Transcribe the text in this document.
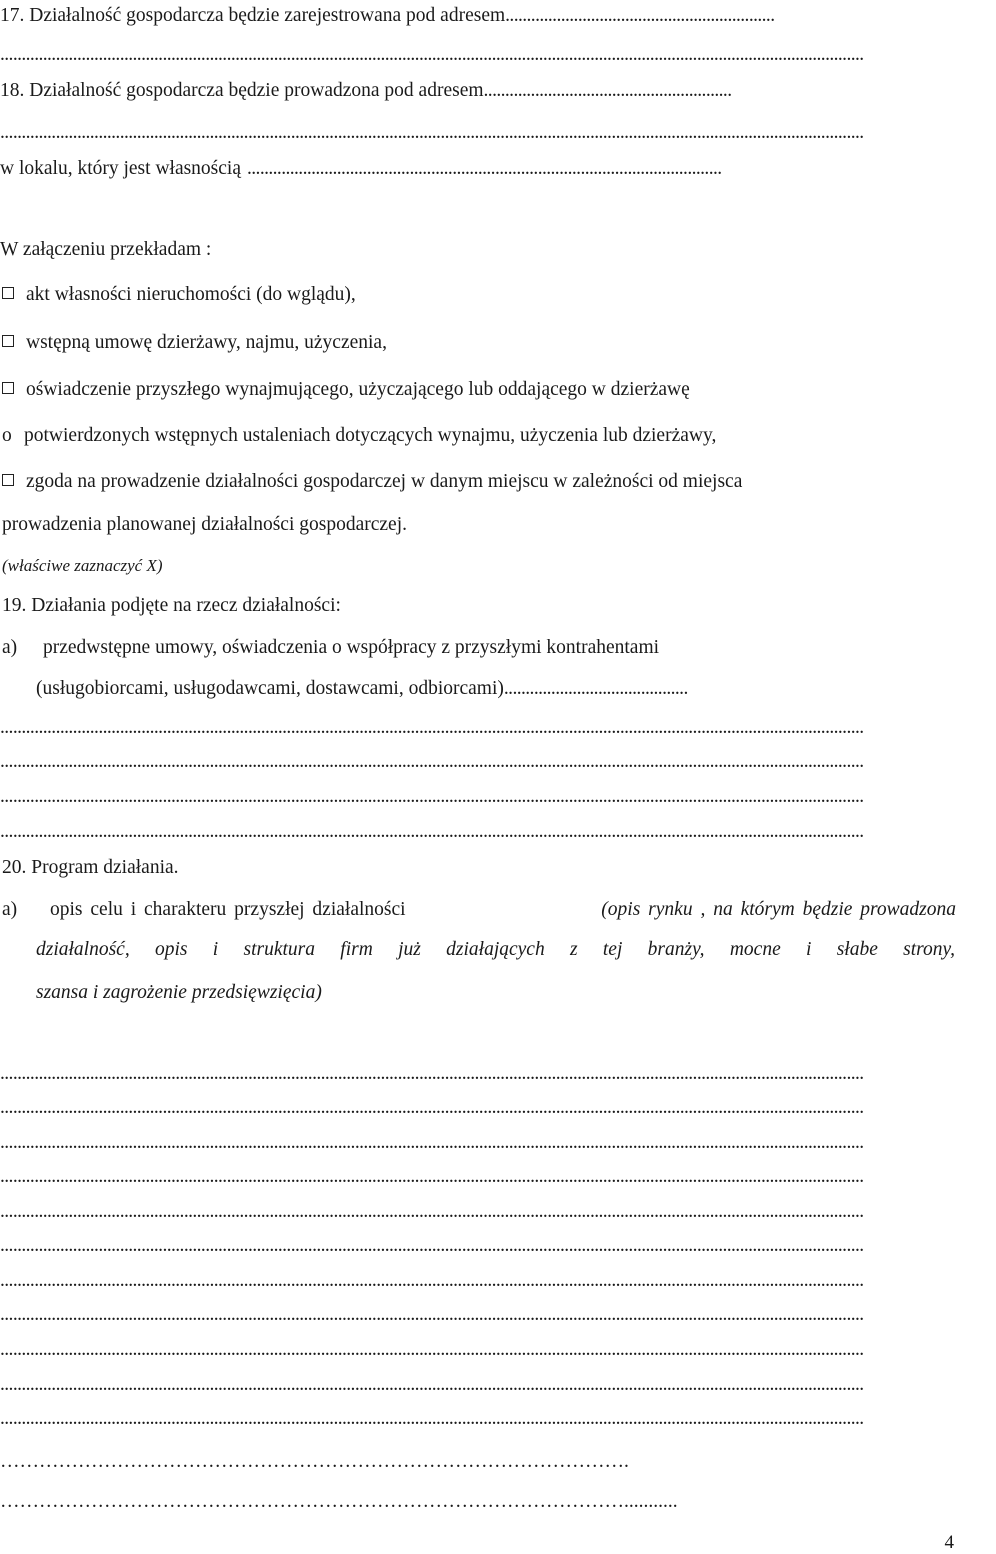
17. Działalność gospodarcza będzie zarejestrowana pod adresem ...............................................................
..........................................................................................................................................................................................................
18. Działalność gospodarcza będzie prowadzona pod adresem ..........................................................
..........................................................................................................................................................................................................
w lokalu, który jest własnością ...............................................................................................................
W załączeniu przekładam :
akt własności nieruchomości (do wglądu),
wstępną umowę dzierżawy, najmu, użyczenia,
oświadczenie przyszłego wynajmującego, użyczającego lub oddającego w dzierżawę
o potwierdzonych wstępnych ustaleniach dotyczących wynajmu, użyczenia lub dzierżawy,
zgoda na prowadzenie działalności gospodarczej w danym miejscu w zależności od miejsca
prowadzenia planowanej działalności gospodarczej.
(właściwe zaznaczyć X)
19. Działania podjęte na rzecz działalności:
a) przedwstępne umowy, oświadczenia o współpracy z przyszłymi kontrahentami
(usługobiorcami, usługodawcami, dostawcami, odbiorcami) ...........................................
..........................................................................................................................................................................................................
..........................................................................................................................................................................................................
..........................................................................................................................................................................................................
..........................................................................................................................................................................................................
20. Program działania.
a)	opis celu i charakteru przyszłej działalności	(opis rynku , na którym będzie prowadzona
działalność, opis i struktura firm już działających z tej branży, mocne i słabe strony,
szansa i zagrożenie przedsięwzięcia)
..........................................................................................................................................................................................................
..........................................................................................................................................................................................................
..........................................................................................................................................................................................................
..........................................................................................................................................................................................................
..........................................................................................................................................................................................................
..........................................................................................................................................................................................................
..........................................................................................................................................................................................................
..........................................................................................................................................................................................................
..........................................................................................................................................................................................................
..........................................................................................................................................................................................................
..........................................................................................................................................................................................................
…………………………………………………………………………………….
……………………………………………………………………………………...........
4
